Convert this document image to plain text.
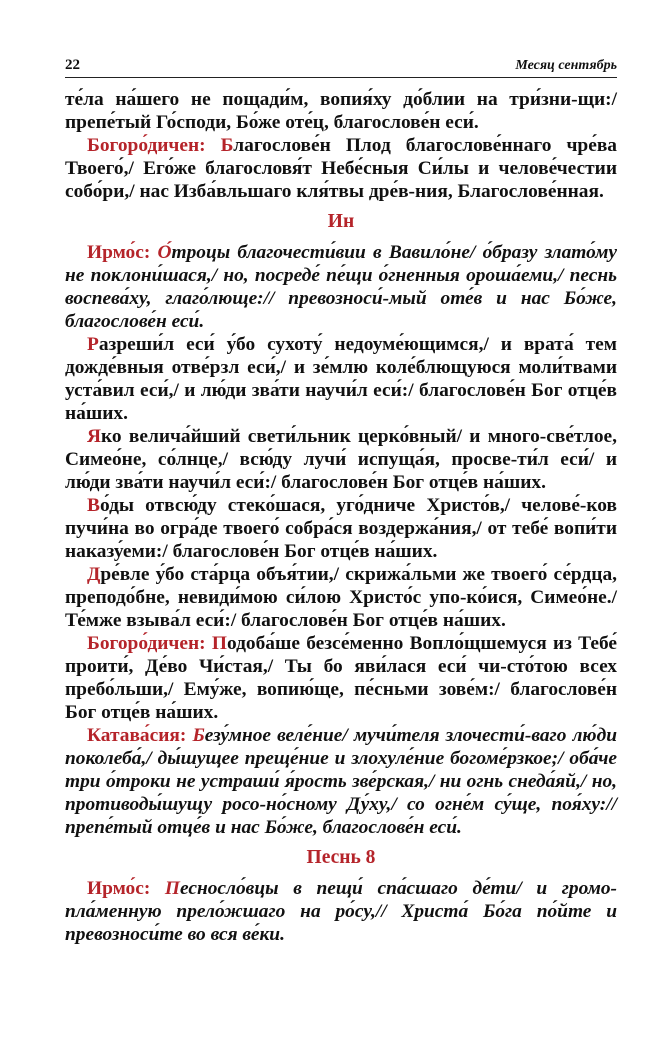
22	Месяц сентябрь

те́ла на́шего не пощади́м, вопия́ху до́блии на три́зни-щи:/ препе́тый Го́споди, Бо́же оте́ц, благослове́н еси́.

Богоро́дичен: Благослове́н Плод благослове́ннаго чре́ва Твоего́,/ Его́же благословя́т Небе́сныя Си́лы и челове́честии собо́ри,/ нас Изба́вльшаго кля́твы дре́в-ния, Благослове́нная.

Ин

Ирмо́с: О́троцы благочести́вии в Вавило́не/ о́бразу злато́му не поклони́шася,/ но, посреде́ пе́щи о́гненныя ороша́еми,/ песнь воспева́ху, глаго́люще:// превозноси́-мый оте́в и нас Бо́же, благослове́н еси́.

Разреши́л еси́ у́бо сухоту́ недоуме́ющимся,/ и врата́ тем дожде́вныя отве́рзл еси́,/ и зе́млю коле́блющуюся моли́твами уста́вил еси́,/ и лю́ди зва́ти научи́л еси́:/ благослове́н Бог отце́в на́ших.

Яко велича́йший свети́льник церко́вный/ и много-све́тлое, Симео́не, со́лнце,/ всю́ду лучи́ испуща́я, просве-ти́л еси́/ и лю́ди зва́ти научи́л еси́:/ благослове́н Бог отце́в на́ших.

Во́ды отвсю́ду стеко́шася, уго́дниче Христо́в,/ челове́-ков пучи́на во огра́де твоего́ собра́ся воздержа́ния,/ от тебе́ вопи́ти наказу́еми:/ благослове́н Бог отце́в на́ших.

Дре́вле у́бо ста́рца объя́тии,/ скрижа́льми же твоего́ се́рдца, преподо́бне, невиди́мою си́лою Христо́с упо-ко́ися, Симео́не./ Те́мже взыва́л еси́:/ благослове́н Бог отце́в на́ших.

Богоро́дичен: Подоба́ше безсе́менно Вопло́щшемуся из Тебе́ проити́, Де́во Чи́стая,/ Ты бо яви́лася еси́ чи-сто́тою всех пребо́льши,/ Ему́же, вопию́ще, пе́сньми зове́м:/ благослове́н Бог отце́в на́ших.

Катава́сия: Безу́мное веле́ние/ мучи́теля злочести́-ваго лю́ди поколеба́,/ ды́шущее преще́ние и злохуле́ние богоме́рзкое;/ оба́че три о́троки не устраши́ я́рость зве́рская,/ ни огнь снеда́яй,/ но, противоды́шущу росо-но́сному Ду́ху,/ со огне́м су́ще, поя́ху:// препе́тый отце́в и нас Бо́же, благослове́н еси́.

Песнь 8

Ирмо́с: Песносло́вцы в пещи́ спа́сшаго де́ти/ и громо-пла́менную прело́жшаго на ро́су,// Христа́ Бо́га по́йте и превозноси́те во вся ве́ки.
